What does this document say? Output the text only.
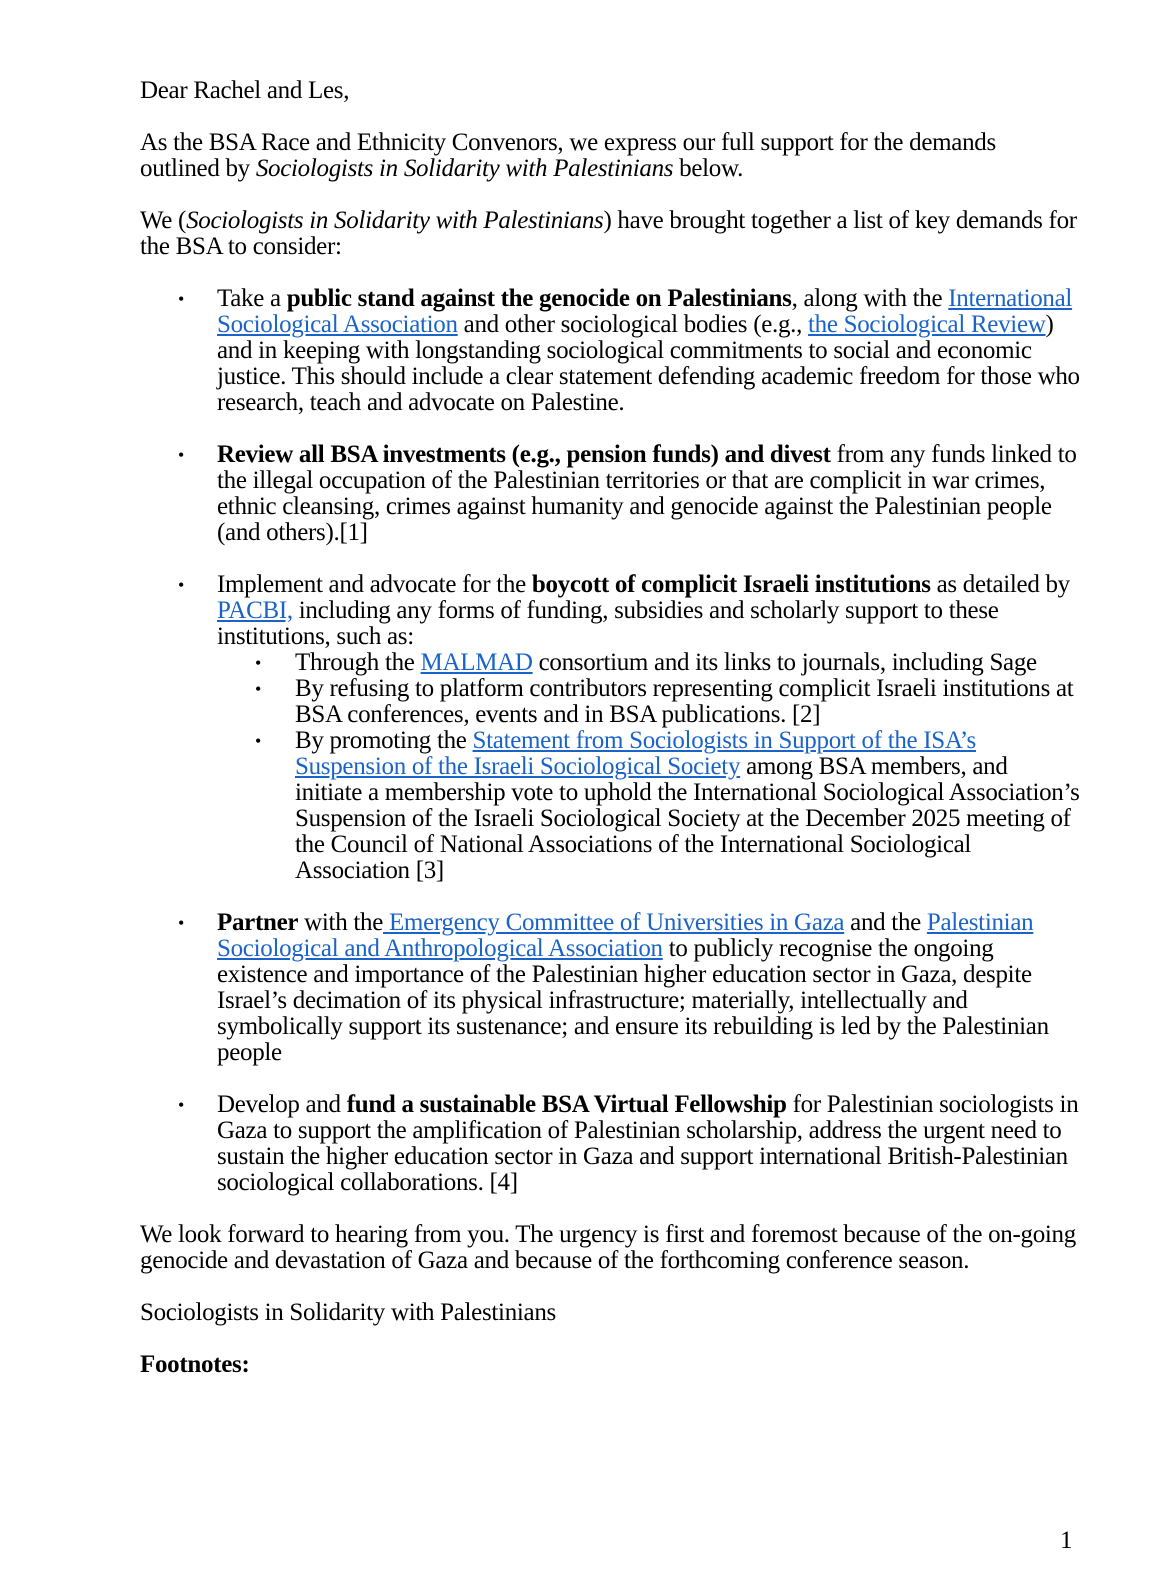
Dear Rachel and Les,

As the BSA Race and Ethnicity Convenors, we express our full support for the demands outlined by Sociologists in Solidarity with Palestinians below.

We (Sociologists in Solidarity with Palestinians) have brought together a list of key demands for the BSA to consider:

• Take a public stand against the genocide on Palestinians, along with the International Sociological Association and other sociological bodies (e.g., the Sociological Review) and in keeping with longstanding sociological commitments to social and economic justice. This should include a clear statement defending academic freedom for those who research, teach and advocate on Palestine.
• Review all BSA investments (e.g., pension funds) and divest from any funds linked to the illegal occupation of the Palestinian territories or that are complicit in war crimes, ethnic cleansing, crimes against humanity and genocide against the Palestinian people (and others).[1]
• Implement and advocate for the boycott of complicit Israeli institutions as detailed by PACBI, including any forms of funding, subsidies and scholarly support to these institutions, such as:
• Through the MALMAD consortium and its links to journals, including Sage
• By refusing to platform contributors representing complicit Israeli institutions at BSA conferences, events and in BSA publications. [2]
• By promoting the Statement from Sociologists in Support of the ISA’s Suspension of the Israeli Sociological Society among BSA members, and initiate a membership vote to uphold the International Sociological Association’s Suspension of the Israeli Sociological Society at the December 2025 meeting of the Council of National Associations of the International Sociological Association [3]
• Partner with the Emergency Committee of Universities in Gaza and the Palestinian Sociological and Anthropological Association to publicly recognise the ongoing existence and importance of the Palestinian higher education sector in Gaza, despite Israel’s decimation of its physical infrastructure; materially, intellectually and symbolically support its sustenance; and ensure its rebuilding is led by the Palestinian people
• Develop and fund a sustainable BSA Virtual Fellowship for Palestinian sociologists in Gaza to support the amplification of Palestinian scholarship, address the urgent need to sustain the higher education sector in Gaza and support international British-Palestinian sociological collaborations. [4]

We look forward to hearing from you. The urgency is first and foremost because of the on-going genocide and devastation of Gaza and because of the forthcoming conference season.

Sociologists in Solidarity with Palestinians

Footnotes:

1
